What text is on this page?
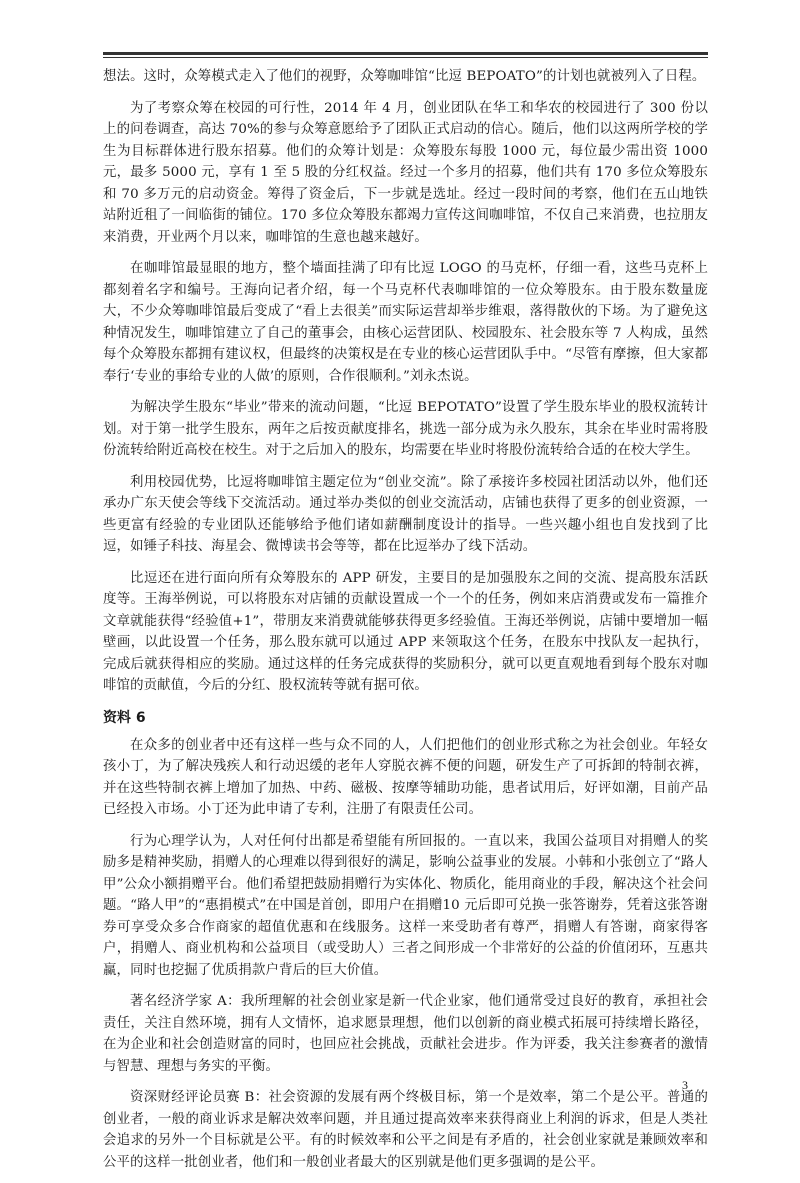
想法。这时，众筹模式走入了他们的视野，众筹咖啡馆“比逗 BEPOATO”的计划也就被列入了日程。

为了考察众筹在校园的可行性，2014 年 4 月，创业团队在华工和华农的校园进行了 300 份以上的问卷调查，高达 70%的参与众筹意愿给予了团队正式启动的信心。随后，他们以这两所学校的学生为目标群体进行股东招募。他们的众筹计划是：众筹股东每股 1000 元，每位最少需出资 1000 元，最多 5000 元，享有 1 至 5 股的分红权益。经过一个多月的招募，他们共有 170 多位众筹股东和 70 多万元的启动资金。筹得了资金后，下一步就是选址。经过一段时间的考察，他们在五山地铁站附近租了一间临街的铺位。170 多位众筹股东都竭力宣传这间咖啡馆，不仅自己来消费，也拉朋友来消费，开业两个月以来，咖啡馆的生意也越来越好。

在咖啡馆最显眼的地方，整个墙面挂满了印有比逗 LOGO 的马克杯，仔细一看，这些马克杯上都刻着名字和编号。王海向记者介绍，每一个马克杯代表咖啡馆的一位众筹股东。由于股东数量庞大，不少众筹咖啡馆最后变成了“看上去很美”而实际运营却举步维艰，落得散伙的下场。为了避免这种情况发生，咖啡馆建立了自己的董事会，由核心运营团队、校园股东、社会股东等 7 人构成，虽然每个众筹股东都拥有建议权，但最终的决策权是在专业的核心运营团队手中。“尽管有摩擦，但大家都奉行‘专业的事给专业的人做’的原则，合作很顺利。”刘永杰说。

为解决学生股东“毕业”带来的流动问题，“比逗 BEPOTATO”设置了学生股东毕业的股权流转计划。对于第一批学生股东，两年之后按贡献度排名，挑选一部分成为永久股东，其余在毕业时需将股份流转给附近高校在校生。对于之后加入的股东，均需要在毕业时将股份流转给合适的在校大学生。

利用校园优势，比逗将咖啡馆主题定位为“创业交流”。除了承接许多校园社团活动以外，他们还承办广东天使会等线下交流活动。通过举办类似的创业交流活动，店铺也获得了更多的创业资源，一些更富有经验的专业团队还能够给予他们诸如薪酬制度设计的指导。一些兴趣小组也自发找到了比逗，如锤子科技、海星会、微博读书会等等，都在比逗举办了线下活动。

比逗还在进行面向所有众筹股东的 APP 研发，主要目的是加强股东之间的交流、提高股东活跃度等。王海举例说，可以将股东对店铺的贡献设置成一个一个的任务，例如来店消费或发布一篇推介文章就能获得“经验值+1”，带朋友来消费就能够获得更多经验值。王海还举例说，店铺中要增加一幅壁画，以此设置一个任务，那么股东就可以通过 APP 来领取这个任务，在股东中找队友一起执行，完成后就获得相应的奖励。通过这样的任务完成获得的奖励积分，就可以更直观地看到每个股东对咖啡馆的贡献值，今后的分红、股权流转等就有据可依。

资料 6

在众多的创业者中还有这样一些与众不同的人，人们把他们的创业形式称之为社会创业。年轻女孩小丁，为了解决残疾人和行动迟缓的老年人穿脱衣裤不便的问题，研发生产了可拆卸的特制衣裤，并在这些特制衣裤上增加了加热、中药、磁极、按摩等辅助功能，患者试用后，好评如潮，目前产品已经投入市场。小丁还为此申请了专利，注册了有限责任公司。

行为心理学认为，人对任何付出都是希望能有所回报的。一直以来，我国公益项目对捐赠人的奖励多是精神奖励，捐赠人的心理难以得到很好的满足，影响公益事业的发展。小韩和小张创立了“路人甲”公众小额捐赠平台。他们希望把鼓励捐赠行为实体化、物质化，能用商业的手段，解决这个社会问题。“路人甲”的“惠捐模式”在中国是首创，即用户在捐赠10 元后即可兑换一张答谢券，凭着这张答谢券可享受众多合作商家的超值优惠和在线服务。这样一来受助者有尊严，捐赠人有答谢，商家得客户，捐赠人、商业机构和公益项目（或受助人）三者之间形成一个非常好的公益的价值闭环，互惠共赢，同时也挖掘了优质捐款户背后的巨大价值。

著名经济学家 A：我所理解的社会创业家是新一代企业家，他们通常受过良好的教育，承担社会责任，关注自然环境，拥有人文情怀，追求愿景理想，他们以创新的商业模式拓展可持续增长路径，在为企业和社会创造财富的同时，也回应社会挑战，贡献社会进步。作为评委，我关注参赛者的激情与智慧、理想与务实的平衡。

资深财经评论员赛 B：社会资源的发展有两个终极目标，第一个是效率，第二个是公平。普通的创业者，一般的商业诉求是解决效率问题，并且通过提高效率来获得商业上利润的诉求，但是人类社会追求的另外一个目标就是公平。有的时候效率和公平之间是有矛盾的，社会创业家就是兼顾效率和公平的这样一批创业者，他们和一般创业者最大的区别就是他们更多强调的是公平。

3
